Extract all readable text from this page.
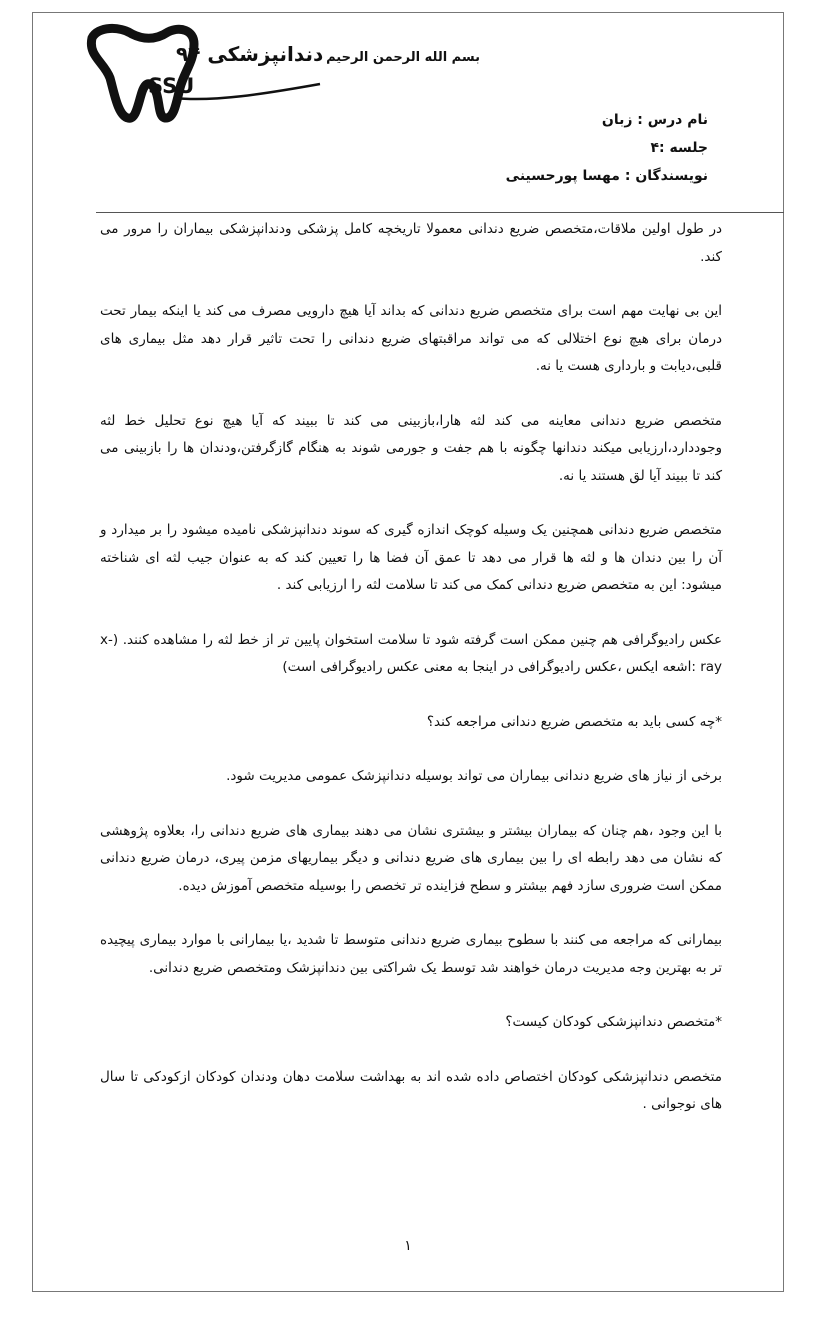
SSU
دندانپزشکی ۹۴ بسم الله الرحمن الرحیم
نام درس : زبان
جلسه :۴
نویسندگان : مهسا پورحسینی

در طول اولین ملاقات،متخصص ضریع دندانی معمولا تاریخچه کامل پزشکی ودندانپزشکی بیماران را مرور می کند.

این بی نهایت مهم است برای متخصص ضریع دندانی که بداند آیا هیچ دارویی مصرف می کند یا اینکه بیمار تحت درمان برای هیچ نوع اختلالی که می تواند مراقبتهای ضریع دندانی را تحت تاثیر قرار دهد مثل بیماری های قلبی،دیابت و بارداری هست یا نه.

متخصص ضریع دندانی معاینه می کند لثه هارا،بازبینی می کند تا ببیند که آیا هیچ نوع تحلیل خط لثه وجوددارد،ارزیابی میکند دندانها چگونه با هم جفت و جورمی شوند به هنگام گازگرفتن،ودندان ها را بازبینی می کند تا ببیند آیا لق هستند یا نه.

متخصص ضریع دندانی همچنین یک وسیله کوچک اندازه گیری که سوند دندانپزشکی نامیده میشود را بر میدارد و آن را بین دندان ها و لثه ها قرار می دهد تا عمق آن فضا ها را تعیین کند که به عنوان جیب لثه ای شناخته میشود: این به متخصص ضریع دندانی کمک می کند تا سلامت لثه را ارزیابی کند .

عکس رادیوگرافی هم چنین ممکن است گرفته شود تا سلامت استخوان پایین تر از خط لثه را مشاهده کنند. (x-ray :اشعه ایکس ،عکس رادیوگرافی در اینجا به معنی عکس رادیوگرافی است)

*چه کسی باید به متخصص ضریع دندانی مراجعه کند؟

برخی از نیاز های ضریع دندانی بیماران می تواند بوسیله دندانپزشک عمومی مدیریت شود.

با این وجود ،هم چنان که بیماران بیشتر و بیشتری نشان می دهند بیماری های ضریع دندانی را، بعلاوه پژوهشی که نشان می دهد رابطه ای را بین بیماری های ضریع دندانی و دیگر بیماریهای مزمن پیری، درمان ضریع دندانی ممکن است ضروری سازد فهم بیشتر و سطح فزاینده تر تخصص را بوسیله متخصص آموزش دیده.

بیمارانی که مراجعه می کنند با سطوح بیماری ضریع دندانی متوسط تا شدید ،یا بیمارانی با موارد بیماری پیچیده تر به بهترین وجه مدیریت درمان خواهند شد توسط یک شراکتی بین دندانپزشک ومتخصص ضریع دندانی.

*متخصص دندانپزشکی کودکان کیست؟

متخصص دندانپزشکی کودکان اختصاص داده شده اند به بهداشت سلامت دهان ودندان کودکان ازکودکی تا سال های نوجوانی .

۱
